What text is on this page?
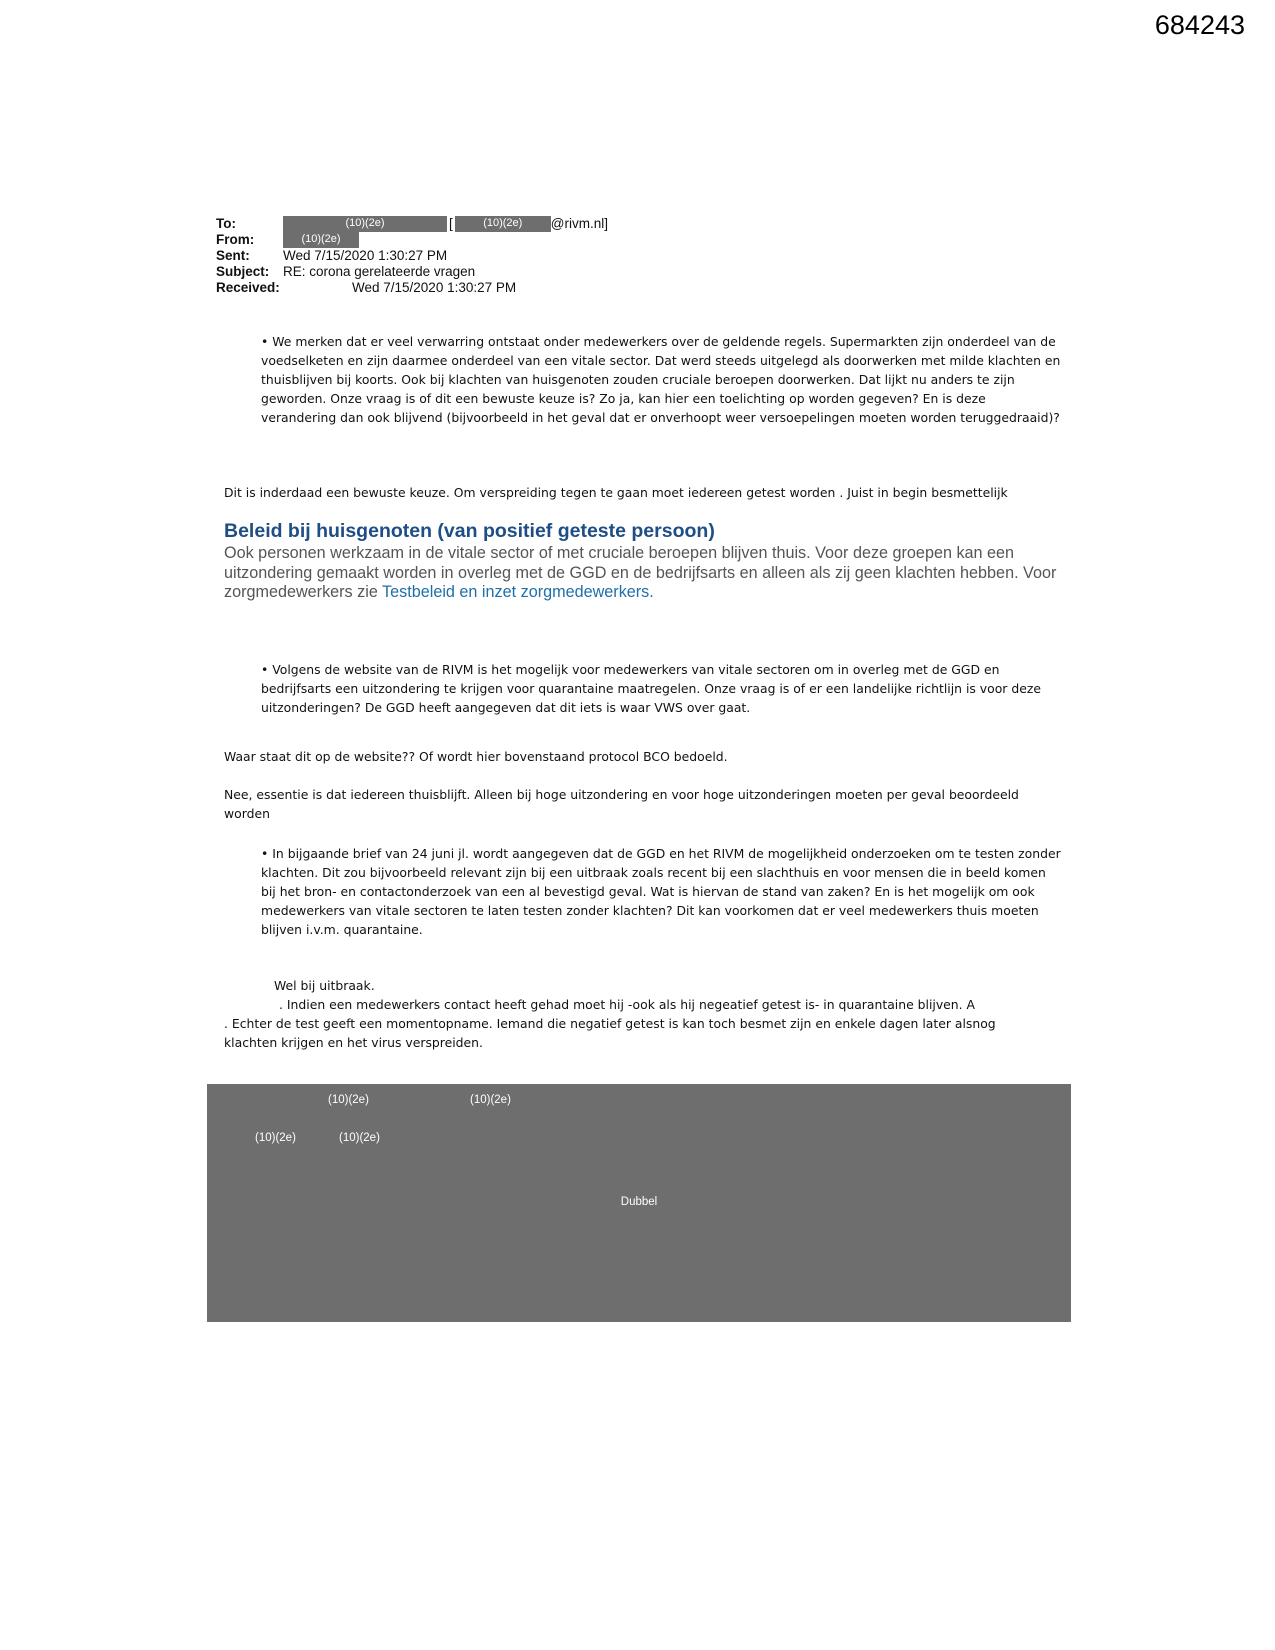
684243
To:	(10)(2e)	[	(10)(2e) @rivm.nl]
From:	(10)(2e)
Sent: Wed 7/15/2020 1:30:27 PM
Subject: RE: corona gerelateerde vragen
Received:	Wed 7/15/2020 1:30:27 PM
• We merken dat er veel verwarring ontstaat onder medewerkers over de geldende regels. Supermarkten zijn onderdeel van de voedselketen en zijn daarmee onderdeel van een vitale sector. Dat werd steeds uitgelegd als doorwerken met milde klachten en thuisblijven bij koorts. Ook bij klachten van huisgenoten zouden cruciale beroepen doorwerken. Dat lijkt nu anders te zijn geworden. Onze vraag is of dit een bewuste keuze is? Zo ja, kan hier een toelichting op worden gegeven? En is deze verandering dan ook blijvend (bijvoorbeeld in het geval dat er onverhoopt weer versoepelingen moeten worden teruggedraaid)?
Dit is inderdaad een bewuste keuze. Om verspreiding tegen te gaan moet iedereen getest worden . Juist in begin besmettelijk
Beleid bij huisgenoten (van positief geteste persoon)
Ook personen werkzaam in de vitale sector of met cruciale beroepen blijven thuis. Voor deze groepen kan een uitzondering gemaakt worden in overleg met de GGD en de bedrijfsarts en alleen als zij geen klachten hebben. Voor zorgmedewerkers zie Testbeleid en inzet zorgmedewerkers.
• Volgens de website van de RIVM is het mogelijk voor medewerkers van vitale sectoren om in overleg met de GGD en bedrijfsarts een uitzondering te krijgen voor quarantaine maatregelen. Onze vraag is of er een landelijke richtlijn is voor deze uitzonderingen? De GGD heeft aangegeven dat dit iets is waar VWS over gaat.
Waar staat dit op de website?? Of wordt hier bovenstaand protocol BCO bedoeld.
Nee, essentie is dat iedereen thuisblijft. Alleen bij hoge uitzondering en voor hoge uitzonderingen moeten per geval beoordeeld worden
• In bijgaande brief van 24 juni jl. wordt aangegeven dat de GGD en het RIVM de mogelijkheid onderzoeken om te testen zonder klachten. Dit zou bijvoorbeeld relevant zijn bij een uitbraak zoals recent bij een slachthuis en voor mensen die in beeld komen bij het bron- en contactonderzoek van een al bevestigd geval. Wat is hiervan de stand van zaken? En is het mogelijk om ook medewerkers van vitale sectoren te laten testen zonder klachten? Dit kan voorkomen dat er veel medewerkers thuis moeten blijven i.v.m. quarantaine.
Wel bij uitbraak.
. Indien een medewerkers contact heeft gehad moet hij -ook als hij negeatief getest is- in quarantaine blijven. A
. Echter de test geeft een momentopname. Iemand die negatief getest is kan toch besmet zijn en enkele dagen later alsnog klachten krijgen en het virus verspreiden.
(10)(2e)	(10)(2e)
(10)(2e)	(10)(2e)
Dubbel
